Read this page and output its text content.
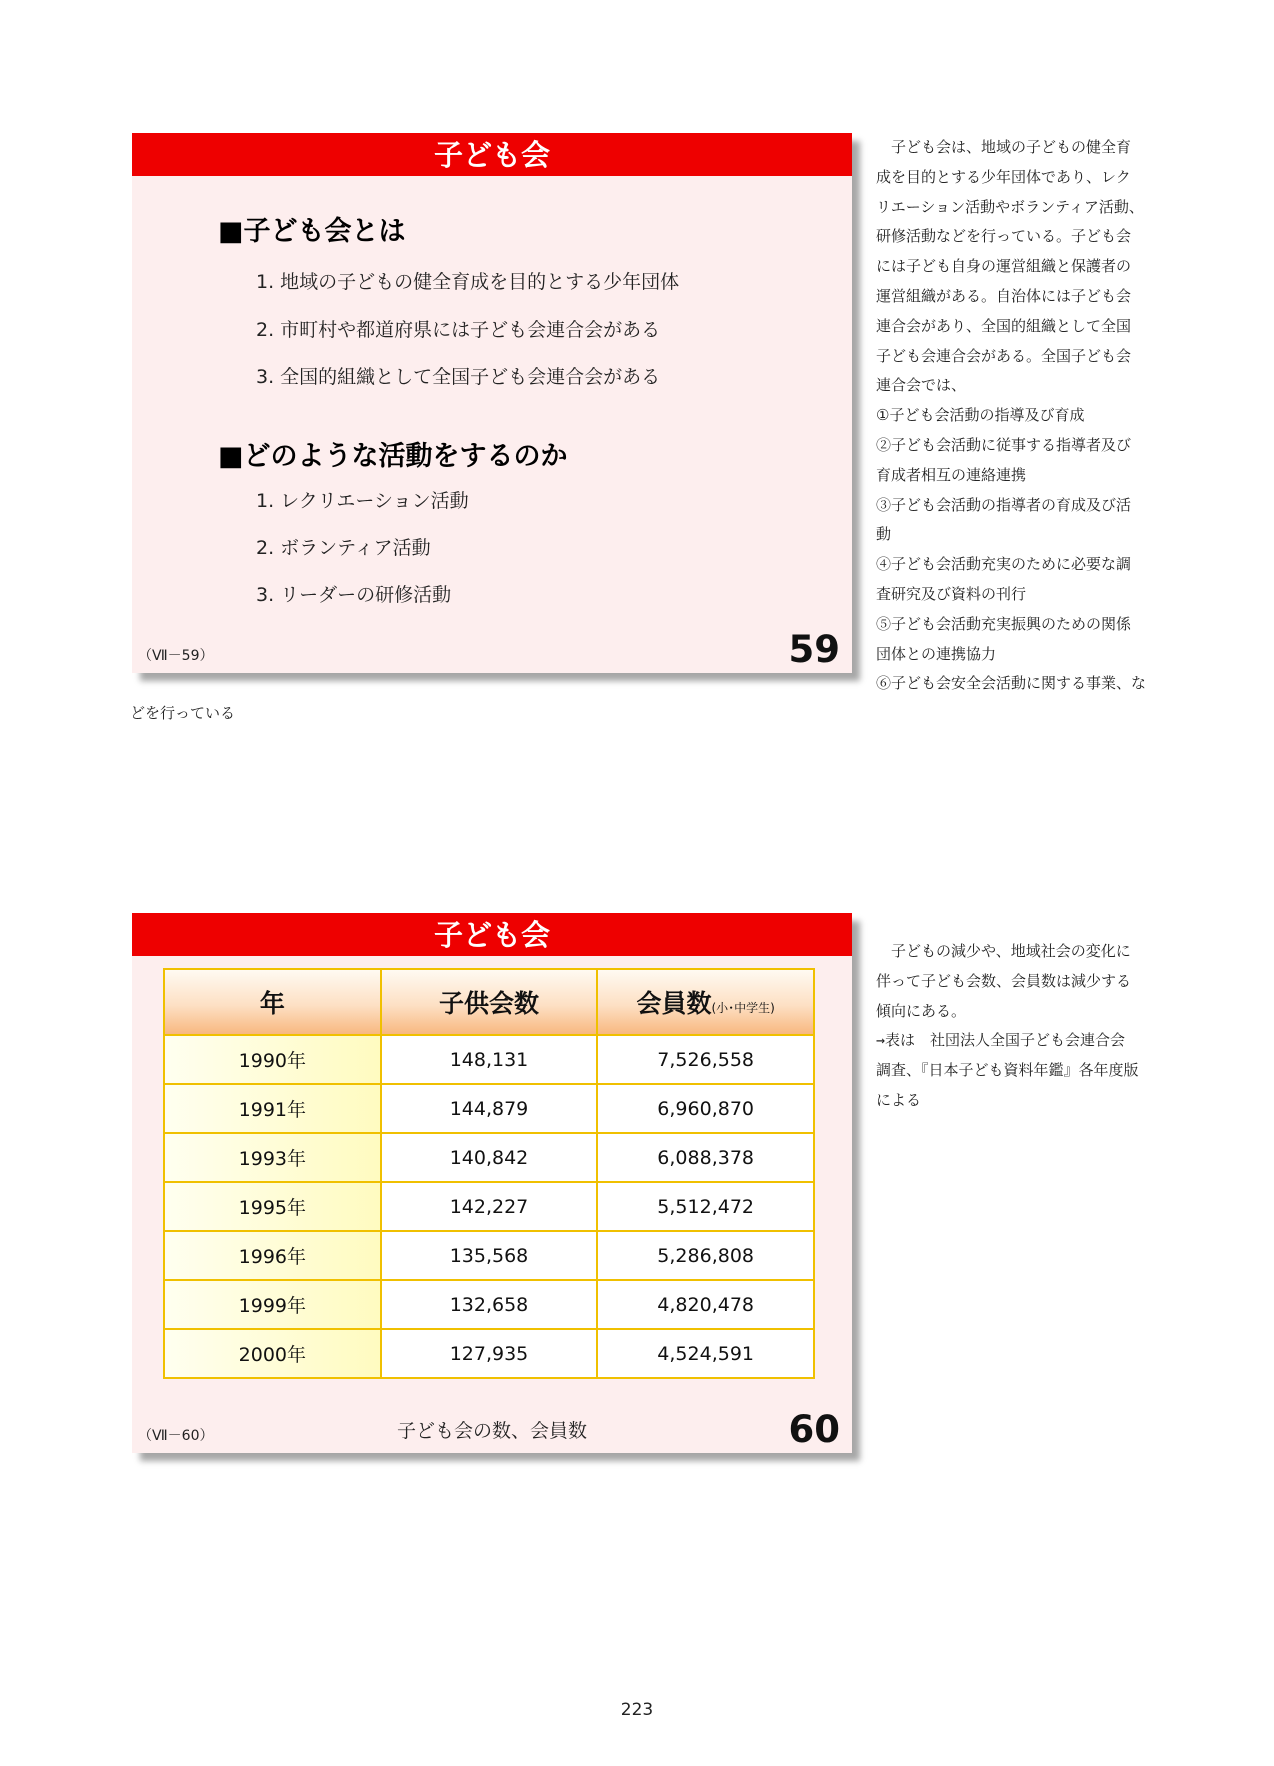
子ども会
■子ども会とは
1. 地域の子どもの健全育成を目的とする少年団体
2. 市町村や都道府県には子ども会連合会がある
3. 全国的組織として全国子ども会連合会がある
■どのような活動をするのか
1. レクリエーション活動
2. ボランティア活動
3. リーダーの研修活動
（Ⅶ－59）	59
　子ども会は、地域の子どもの健全育
成を目的とする少年団体であり、レク
リエーション活動やボランティア活動、
研修活動などを行っている。子ども会
には子ども自身の運営組織と保護者の
運営組織がある。自治体には子ども会
連合会があり、全国的組織として全国
子ども会連合会がある。全国子ども会
連合会では、
①子ども会活動の指導及び育成
②子ども会活動に従事する指導者及び
育成者相互の連絡連携
③子ども会活動の指導者の育成及び活
動
④子ども会活動充実のために必要な調
査研究及び資料の刊行
⑤子ども会活動充実振興のための関係
団体との連携協力
⑥子ども会安全会活動に関する事業、な
どを行っている
子ども会
年	子供会数	会員数(小･中学生)
1990年	148,131	7,526,558
1991年	144,879	6,960,870
1993年	140,842	6,088,378
1995年	142,227	5,512,472
1996年	135,568	5,286,808
1999年	132,658	4,820,478
2000年	127,935	4,524,591
子ども会の数、会員数
（Ⅶ－60）	60
　子どもの減少や、地域社会の変化に
伴って子ども会数、会員数は減少する
傾向にある。
→表は　社団法人全国子ども会連合会
調査、『日本子ども資料年鑑』各年度版
による
223
